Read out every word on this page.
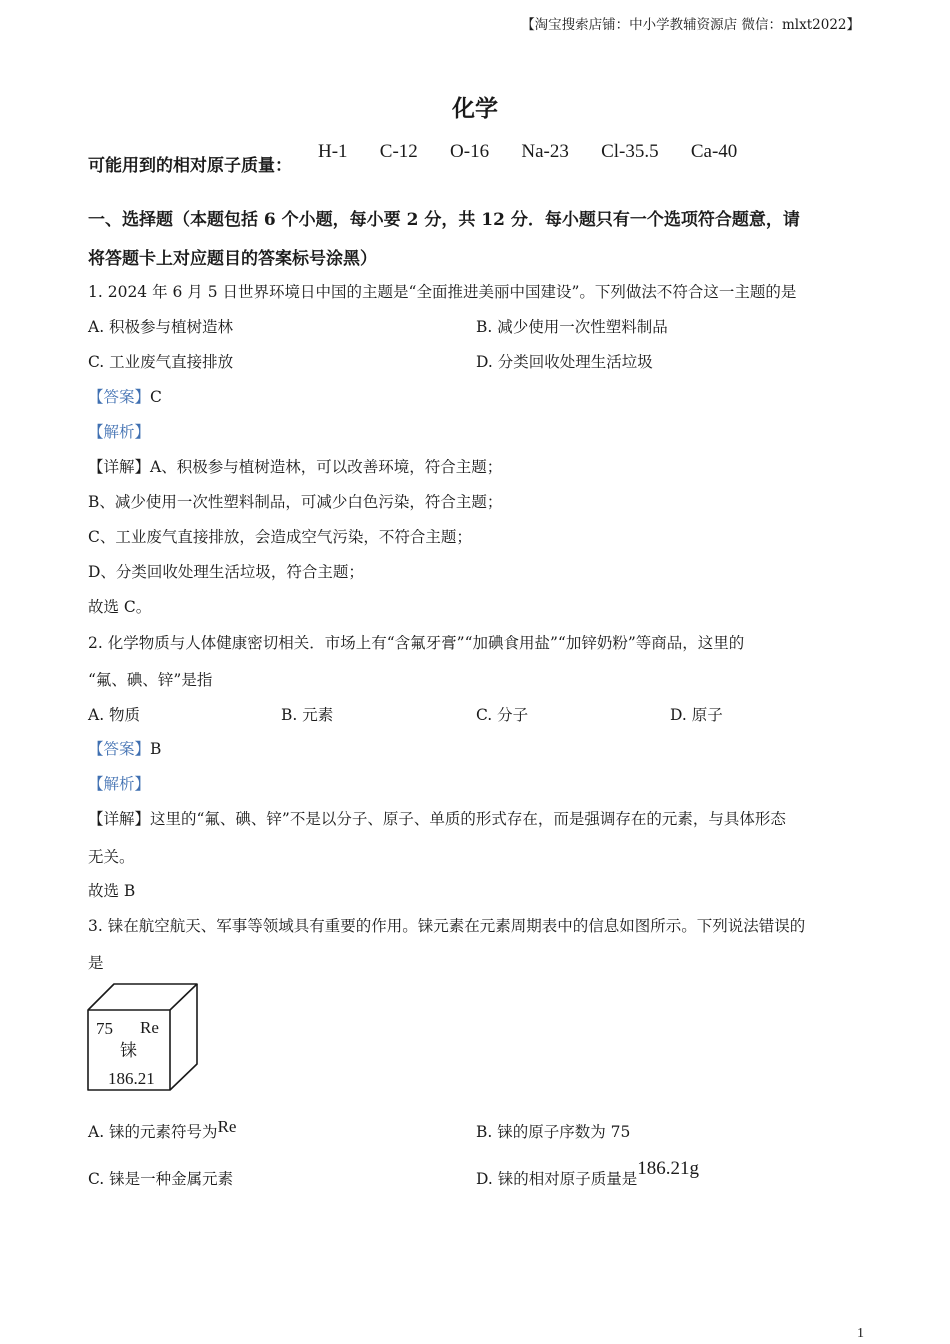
【淘宝搜索店铺：中小学教辅资源店 微信：mlxt2022】
化学
可能用到的相对原子质量：
H-1   C-12   O-16   Na-23   Cl-35.5   Ca-40
一、选择题（本题包括 6 个小题，每小要 2 分，共 12 分．每小题只有一个选项符合题意，请
将答题卡上对应题目的答案标号涂黑）
1. 2024 年 6 月 5 日世界环境日中国的主题是“全面推进美丽中国建设”。下列做法不符合这一主题的是
A. 积极参与植树造林	B. 减少使用一次性塑料制品
C. 工业废气直接排放	D. 分类回收处理生活垃圾
【答案】C
【解析】
【详解】A、积极参与植树造林，可以改善环境，符合主题；
B、减少使用一次性塑料制品，可减少白色污染，符合主题；
C、工业废气直接排放，会造成空气污染，不符合主题；
D、分类回收处理生活垃圾，符合主题；
故选 C。
2. 化学物质与人体健康密切相关．市场上有“含氟牙膏”“加碘食用盐”“加锌奶粉”等商品，这里的
“氟、碘、锌”是指
A. 物质	B. 元素	C. 分子	D. 原子
【答案】B
【解析】
【详解】这里的“氟、碘、锌”不是以分子、原子、单质的形式存在，而是强调存在的元素，与具体形态
无关。
故选 B
3. 铼在航空航天、军事等领域具有重要的作用。铼元素在元素周期表中的信息如图所示。下列说法错误的
是
75 Re
铼
186.21
A. 铼的元素符号为Re	B. 铼的原子序数为 75
C. 铼是一种金属元素	D. 铼的相对原子质量是186.21g
1
